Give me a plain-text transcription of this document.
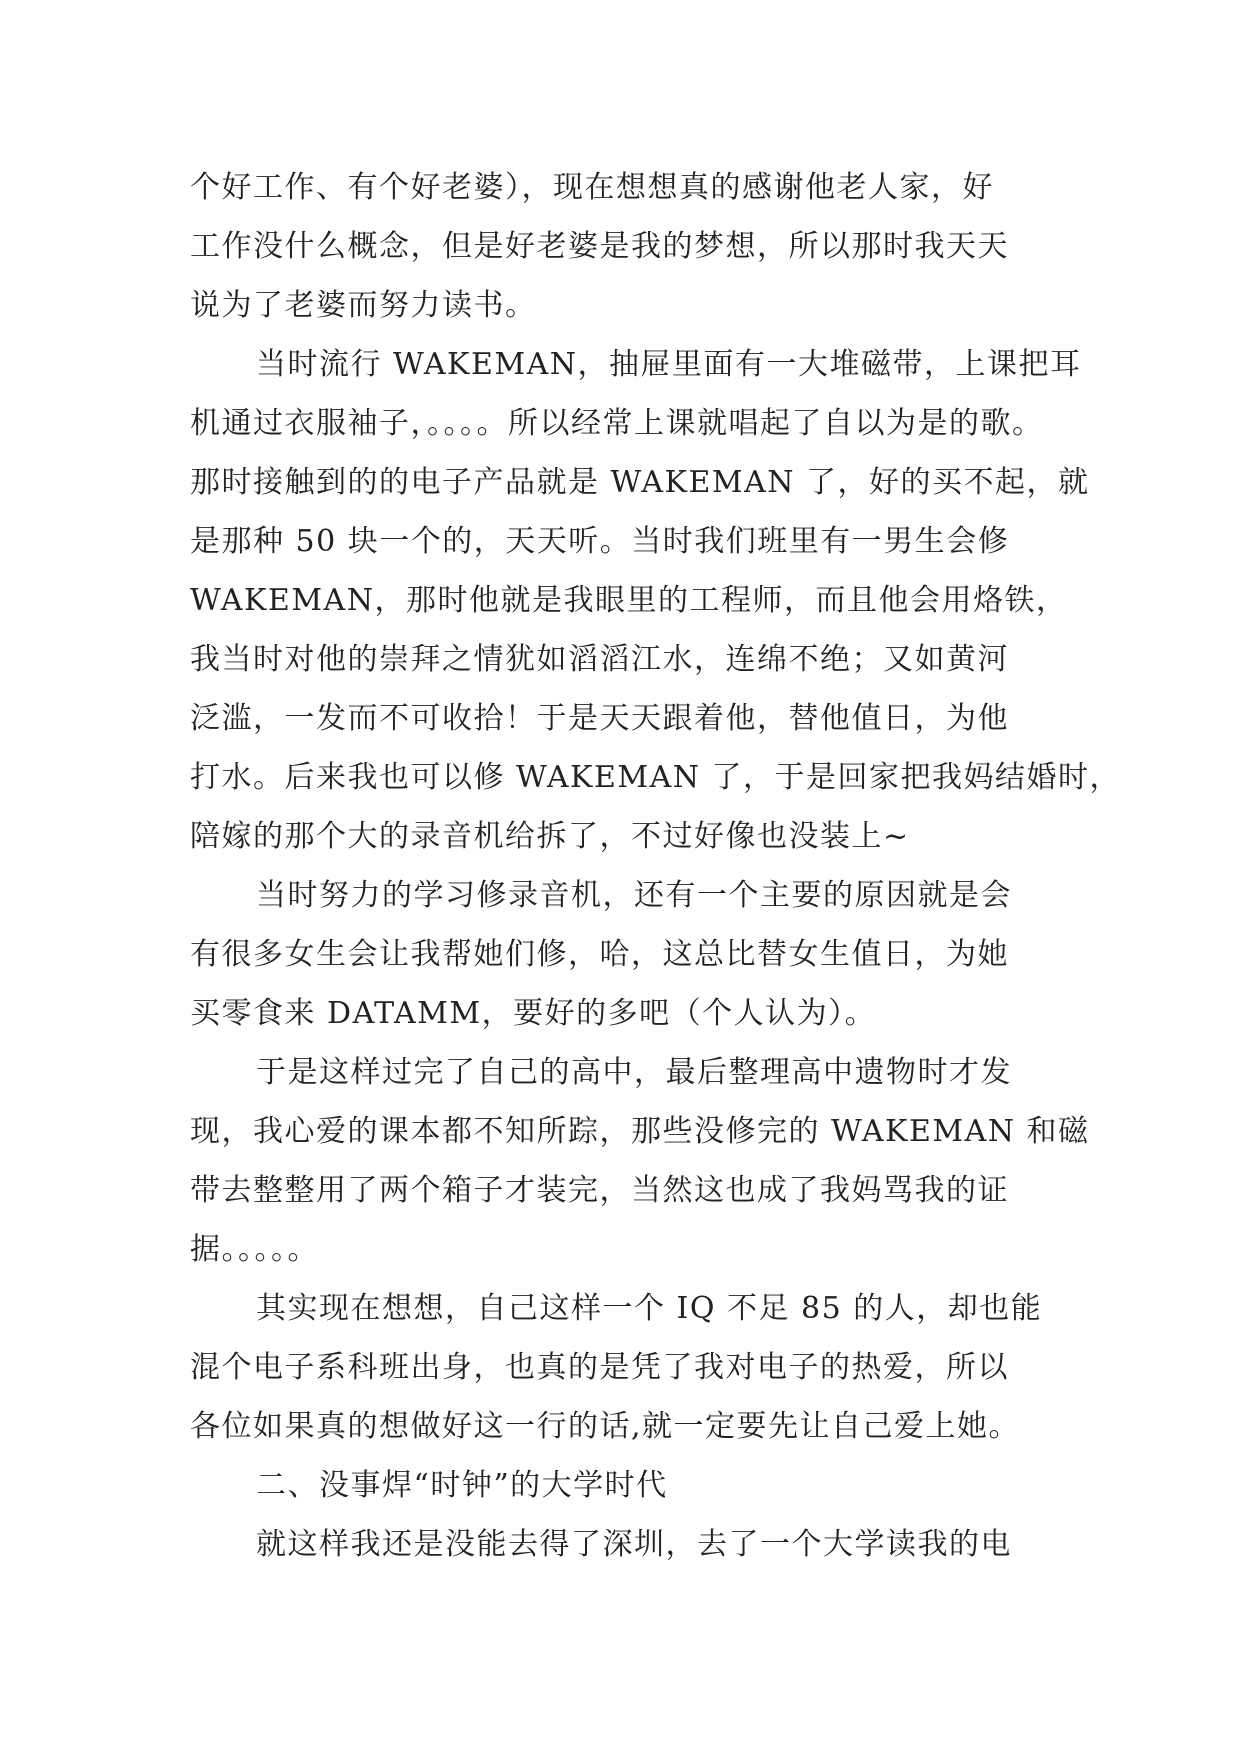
个好工作、有个好老婆），现在想想真的感谢他老人家，好
工作没什么概念，但是好老婆是我的梦想，所以那时我天天
说为了老婆而努力读书。
当时流行 WAKEMAN，抽屉里面有一大堆磁带，上课把耳
机通过衣服袖子，。。。。所以经常上课就唱起了自以为是的歌。
那时接触到的的电子产品就是 WAKEMAN 了，好的买不起，就
是那种 50 块一个的，天天听。当时我们班里有一男生会修
WAKEMAN，那时他就是我眼里的工程师，而且他会用烙铁，
我当时对他的崇拜之情犹如滔滔江水，连绵不绝；又如黄河
泛滥，一发而不可收拾！于是天天跟着他，替他值日，为他
打水。后来我也可以修 WAKEMAN 了，于是回家把我妈结婚时，
陪嫁的那个大的录音机给拆了，不过好像也没装上~
当时努力的学习修录音机，还有一个主要的原因就是会
有很多女生会让我帮她们修，哈，这总比替女生值日，为她
买零食来 DATAMM，要好的多吧（个人认为）。
于是这样过完了自己的高中，最后整理高中遗物时才发
现，我心爱的课本都不知所踪，那些没修完的 WAKEMAN 和磁
带去整整用了两个箱子才装完，当然这也成了我妈骂我的证
据。。。。。
其实现在想想，自己这样一个 IQ 不足 85 的人，却也能
混个电子系科班出身，也真的是凭了我对电子的热爱，所以
各位如果真的想做好这一行的话,就一定要先让自己爱上她。
二、没事焊“时钟”的大学时代
就这样我还是没能去得了深圳，去了一个大学读我的电
